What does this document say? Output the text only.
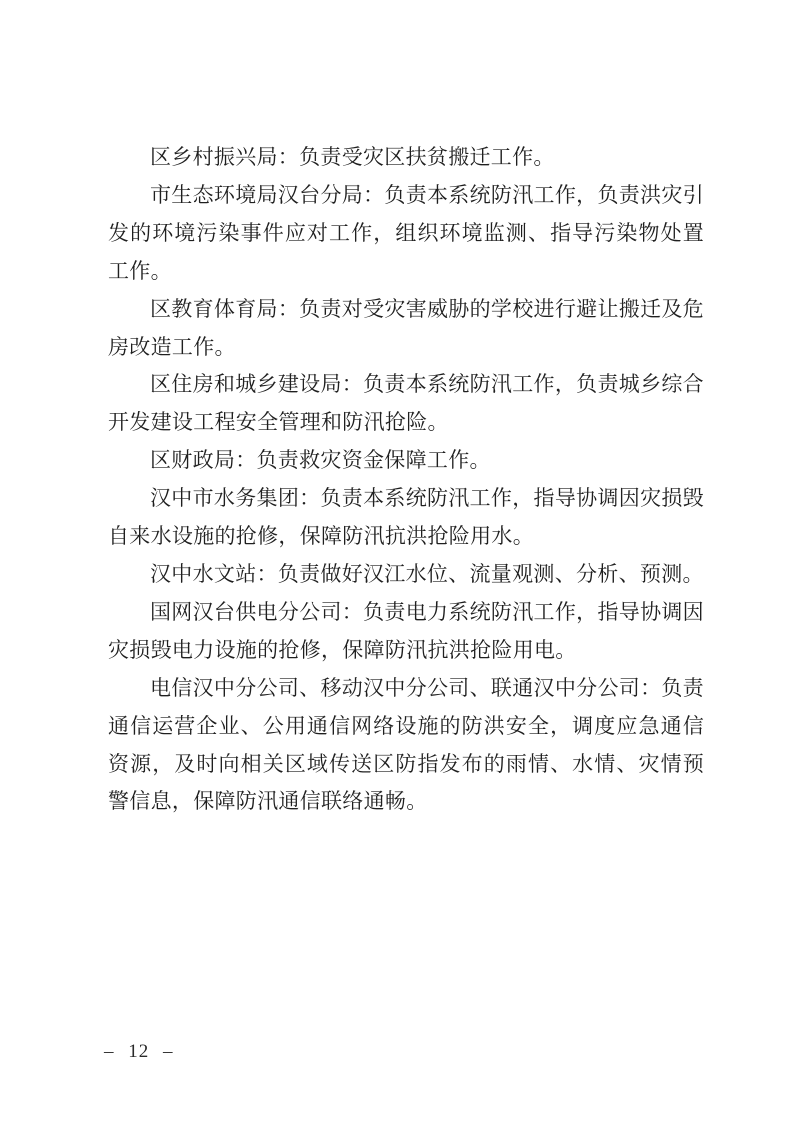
区乡村振兴局：负责受灾区扶贫搬迁工作。

市生态环境局汉台分局：负责本系统防汛工作，负责洪灾引发的环境污染事件应对工作，组织环境监测、指导污染物处置工作。

区教育体育局：负责对受灾害威胁的学校进行避让搬迁及危房改造工作。

区住房和城乡建设局：负责本系统防汛工作，负责城乡综合开发建设工程安全管理和防汛抢险。

区财政局：负责救灾资金保障工作。

汉中市水务集团：负责本系统防汛工作，指导协调因灾损毁自来水设施的抢修，保障防汛抗洪抢险用水。

汉中水文站：负责做好汉江水位、流量观测、分析、预测。

国网汉台供电分公司：负责电力系统防汛工作，指导协调因灾损毁电力设施的抢修，保障防汛抗洪抢险用电。

电信汉中分公司、移动汉中分公司、联通汉中分公司：负责通信运营企业、公用通信网络设施的防洪安全，调度应急通信资源，及时向相关区域传送区防指发布的雨情、水情、灾情预警信息，保障防汛通信联络通畅。

– 12 –
